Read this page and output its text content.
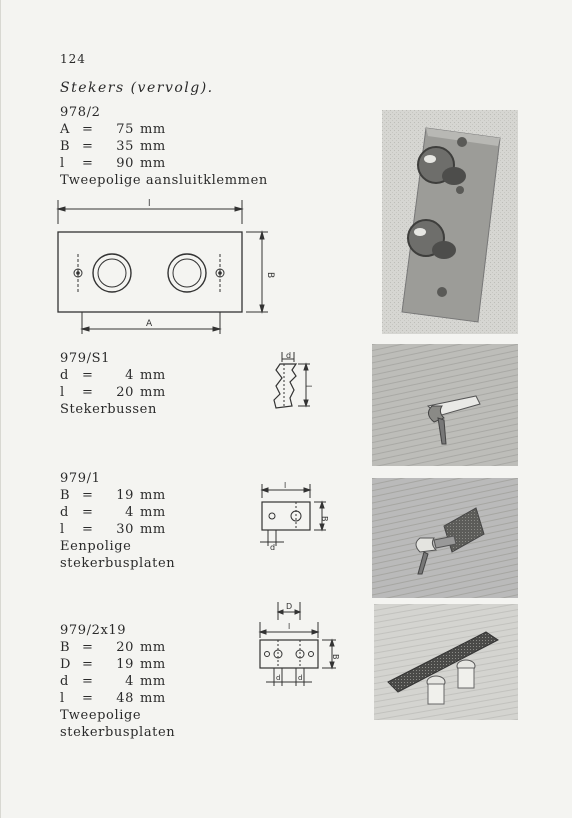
124
Stekers (vervolg).
978/2
A = 75 mm
B = 35 mm
l = 90 mm
Tweepolige aansluitklemmen
l
B
A
979/S1
d = 4 mm
l = 20 mm
Stekerbussen
d
l
979/1
B = 19 mm
d = 4 mm
l = 30 mm
Eenpolige
stekerbusplaten
l
B
d
979/2x19
B = 20 mm
D = 19 mm
d = 4 mm
l = 48 mm
Tweepolige
stekerbusplaten
D
l
B
d	d
